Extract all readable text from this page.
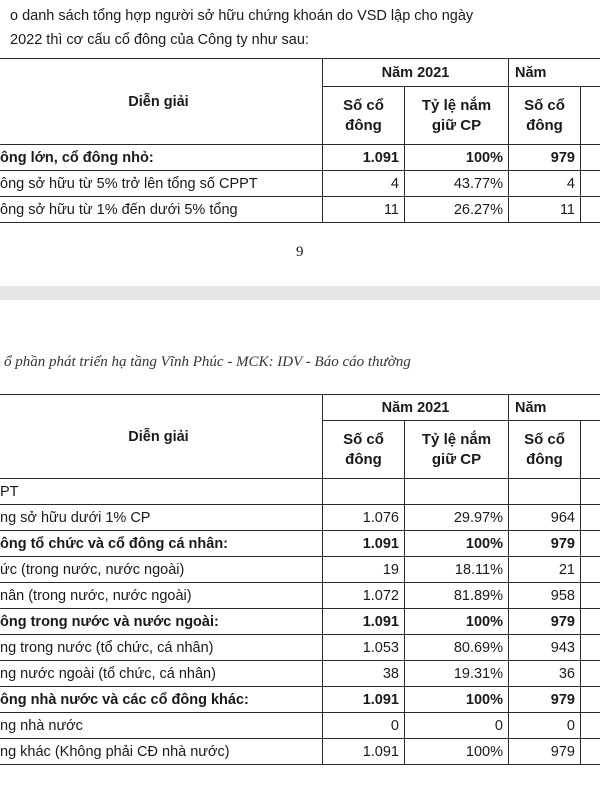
o danh sách tổng hợp người sở hữu chứng khoán do VSD lập cho ngày
2022 thì cơ cấu cổ đông của Công ty như sau:
Diễn giải	Năm 2021		Năm	
	Số cổ đông	Tỷ lệ nắm giữ CP	Số cổ đông	
ông lớn, cổ đông nhỏ:	1.091	100%	979	
ông sở hữu từ 5% trở lên tổng số CPPT	4	43.77%	4	
ông sở hữu từ 1% đến dưới 5% tổng	11	26.27%	11	
9
ổ phần phát triển hạ tầng Vĩnh Phúc - MCK: IDV - Báo cáo thường
Diễn giải	Năm 2021		Năm	
	Số cổ đông	Tỷ lệ nắm giữ CP	Số cổ đông	
PT				
ng sở hữu dưới 1% CP	1.076	29.97%	964	
ông tổ chức và cổ đông cá nhân:	1.091	100%	979	
ức (trong nước, nước ngoài)	19	18.11%	21	
nân (trong nước, nước ngoài)	1.072	81.89%	958	
ông trong nước và nước ngoài:	1.091	100%	979	
ng trong nước (tổ chức, cá nhân)	1.053	80.69%	943	
ng nước ngoài (tổ chức, cá nhân)	38	19.31%	36	
ông nhà nước và các cổ đông khác:	1.091	100%	979	
ng nhà nước	0	0	0	
ng khác (Không phải CĐ nhà nước)	1.091	100%	979	
